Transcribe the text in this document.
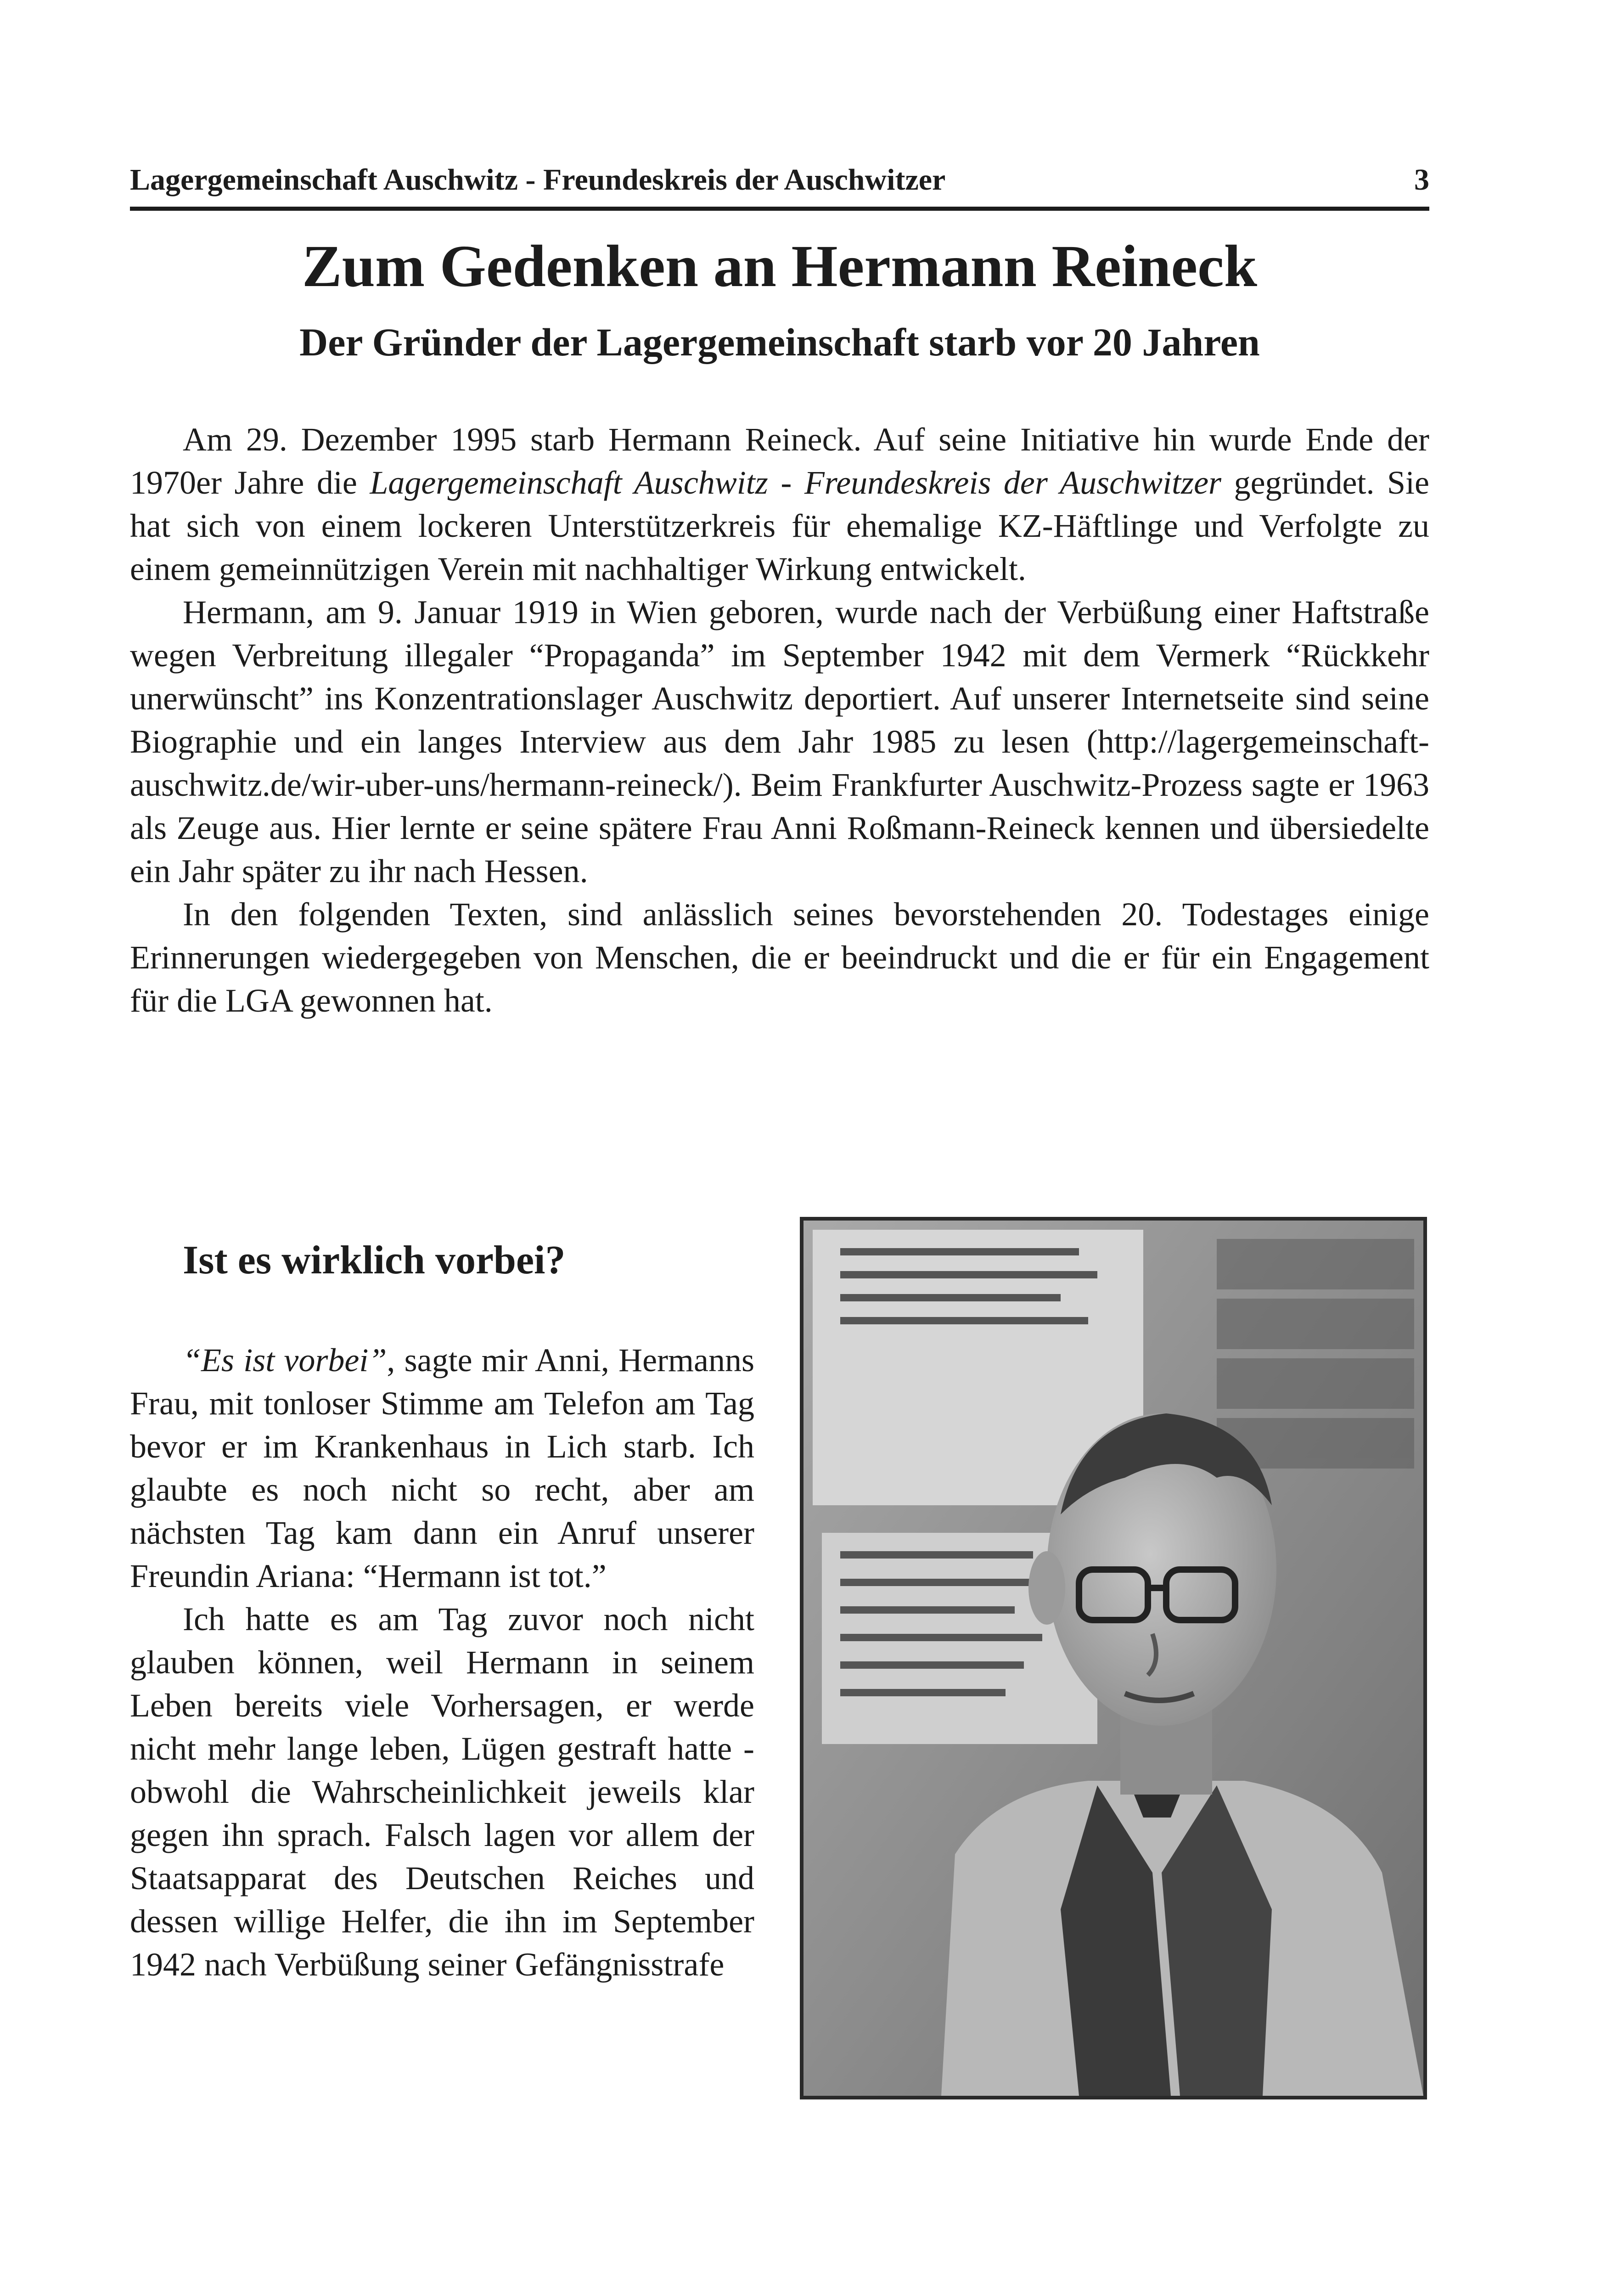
Lagergemeinschaft Auschwitz - Freundeskreis der Auschwitzer	3
Zum Gedenken an Hermann Reineck
Der Gründer der Lagergemeinschaft starb vor 20 Jahren

Am 29. Dezember 1995 starb Hermann Reineck. Auf seine Initiative hin wurde Ende der 1970er Jahre die Lagergemeinschaft Auschwitz - Freundeskreis der Auschwitzer gegründet. Sie hat sich von einem lockeren Unterstützerkreis für ehemalige KZ-Häftlinge und Verfolgte zu einem gemeinnützigen Verein mit nachhaltiger Wirkung entwickelt.

Hermann, am 9. Januar 1919 in Wien geboren, wurde nach der Verbüßung einer Haftstraße wegen Verbreitung illegaler “Propaganda” im September 1942 mit dem Vermerk “Rückkehr unerwünscht” ins Konzentrationslager Auschwitz deportiert. Auf unserer Internetseite sind seine Biographie und ein langes Interview aus dem Jahr 1985 zu lesen (http://lagergemeinschaft-auschwitz.de/wir-uber-uns/hermann-reineck/). Beim Frankfurter Auschwitz-Prozess sagte er 1963 als Zeuge aus. Hier lernte er seine spätere Frau Anni Roßmann-Reineck kennen und übersiedelte ein Jahr später zu ihr nach Hessen.

In den folgenden Texten, sind anlässlich seines bevorstehenden 20. Todestages einige Erinnerungen wiedergegeben von Menschen, die er beeindruckt und die er für ein Engagement für die LGA gewonnen hat.

Ist es wirklich vorbei?

“Es ist vorbei”, sagte mir Anni, Hermanns Frau, mit tonloser Stimme am Telefon am Tag bevor er im Krankenhaus in Lich starb. Ich glaubte es noch nicht so recht, aber am nächsten Tag kam dann ein Anruf unserer Freundin Ariana: “Hermann ist tot.”

Ich hatte es am Tag zuvor noch nicht glauben können, weil Hermann in seinem Leben bereits viele Vorhersagen, er werde nicht mehr lange leben, Lügen gestraft hatte - obwohl die Wahrscheinlichkeit jeweils klar gegen ihn sprach. Falsch lagen vor allem der Staatsapparat des Deutschen Reiches und dessen willige Helfer, die ihn im September 1942 nach Verbüßung seiner Gefängnisstrafe
